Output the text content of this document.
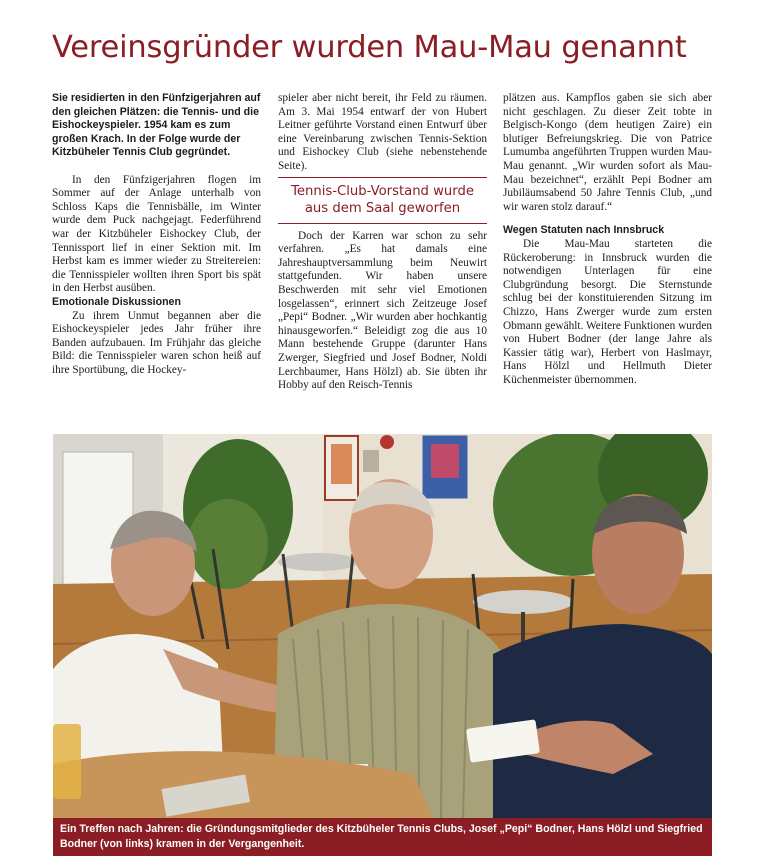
Vereinsgründer wurden Mau-Mau genannt

Sie residierten in den Fünfzigerjahren auf den gleichen Plätzen: die Tennis- und die Eishockeyspieler. 1954 kam es zum großen Krach. In der Folge wurde der Kitzbüheler Tennis Club gegründet.

In den Fünfzigerjahren flogen im Sommer auf der Anlage unterhalb von Schloss Kaps die Tennisbälle, im Winter wurde dem Puck nachgejagt. Federführend war der Kitzbüheler Eishockey Club, der Tennissport lief in einer Sektion mit. Im Herbst kam es immer wieder zu Streitereien: die Tennisspieler wollten ihren Sport bis spät in den Herbst ausüben.

Emotionale Diskussionen

Zu ihrem Unmut begannen aber die Eishockeyspieler jedes Jahr früher ihre Banden aufzubauen. Im Frühjahr das gleiche Bild: die Tennisspieler waren schon heiß auf ihre Sportübung, die Hockey-

spieler aber nicht bereit, ihr Feld zu räumen. Am 3. Mai 1954 entwarf der von Hubert Leitner geführte Vorstand einen Entwurf über eine Vereinbarung zwischen Tennis-Sektion und Eishockey Club (siehe nebenstehende Seite).

Tennis-Club-Vorstand wurde aus dem Saal geworfen

Doch der Karren war schon zu sehr verfahren. „Es hat damals eine Jahreshauptversammlung beim Neuwirt stattgefunden. Wir haben unsere Beschwerden mit sehr viel Emotionen losgelassen“, erinnert sich Zeitzeuge Josef „Pepi“ Bodner. „Wir wurden aber hochkantig hinausgeworfen.“ Beleidigt zog die aus 10 Mann bestehende Gruppe (darunter Hans Zwerger, Siegfried und Josef Bodner, Noldi Lerchbaumer, Hans Hölzl) ab. Sie übten ihr Hobby auf den Reisch-Tennis

plätzen aus. Kampflos gaben sie sich aber nicht geschlagen. Zu dieser Zeit tobte in Belgisch-Kongo (dem heutigen Zaire) ein blutiger Befreiungskrieg. Die von Patrice Lumumba angeführten Truppen wurden Mau-Mau genannt. „Wir wurden sofort als Mau-Mau bezeichnet“, erzählt Pepi Bodner am Jubiläumsabend 50 Jahre Tennis Club, „und wir waren stolz darauf.“

Wegen Statuten nach Innsbruck

Die Mau-Mau starteten die Rückeroberung: in Innsbruck wurden die notwendigen Unterlagen für eine Clubgründung besorgt. Die Sternstunde schlug bei der konstituierenden Sitzung im Chizzo, Hans Zwerger wurde zum ersten Obmann gewählt. Weitere Funktionen wurden von Hubert Bodner (der lange Jahre als Kassier tätig war), Herbert von Haslmayr, Hans Hölzl und Hellmuth Dieter Küchenmeister übernommen.

Ein Treffen nach Jahren: die Gründungsmitglieder des Kitzbüheler Tennis Clubs, Josef „Pepi“ Bodner, Hans Hölzl und Siegfried Bodner (von links) kramen in der Vergangenheit.
